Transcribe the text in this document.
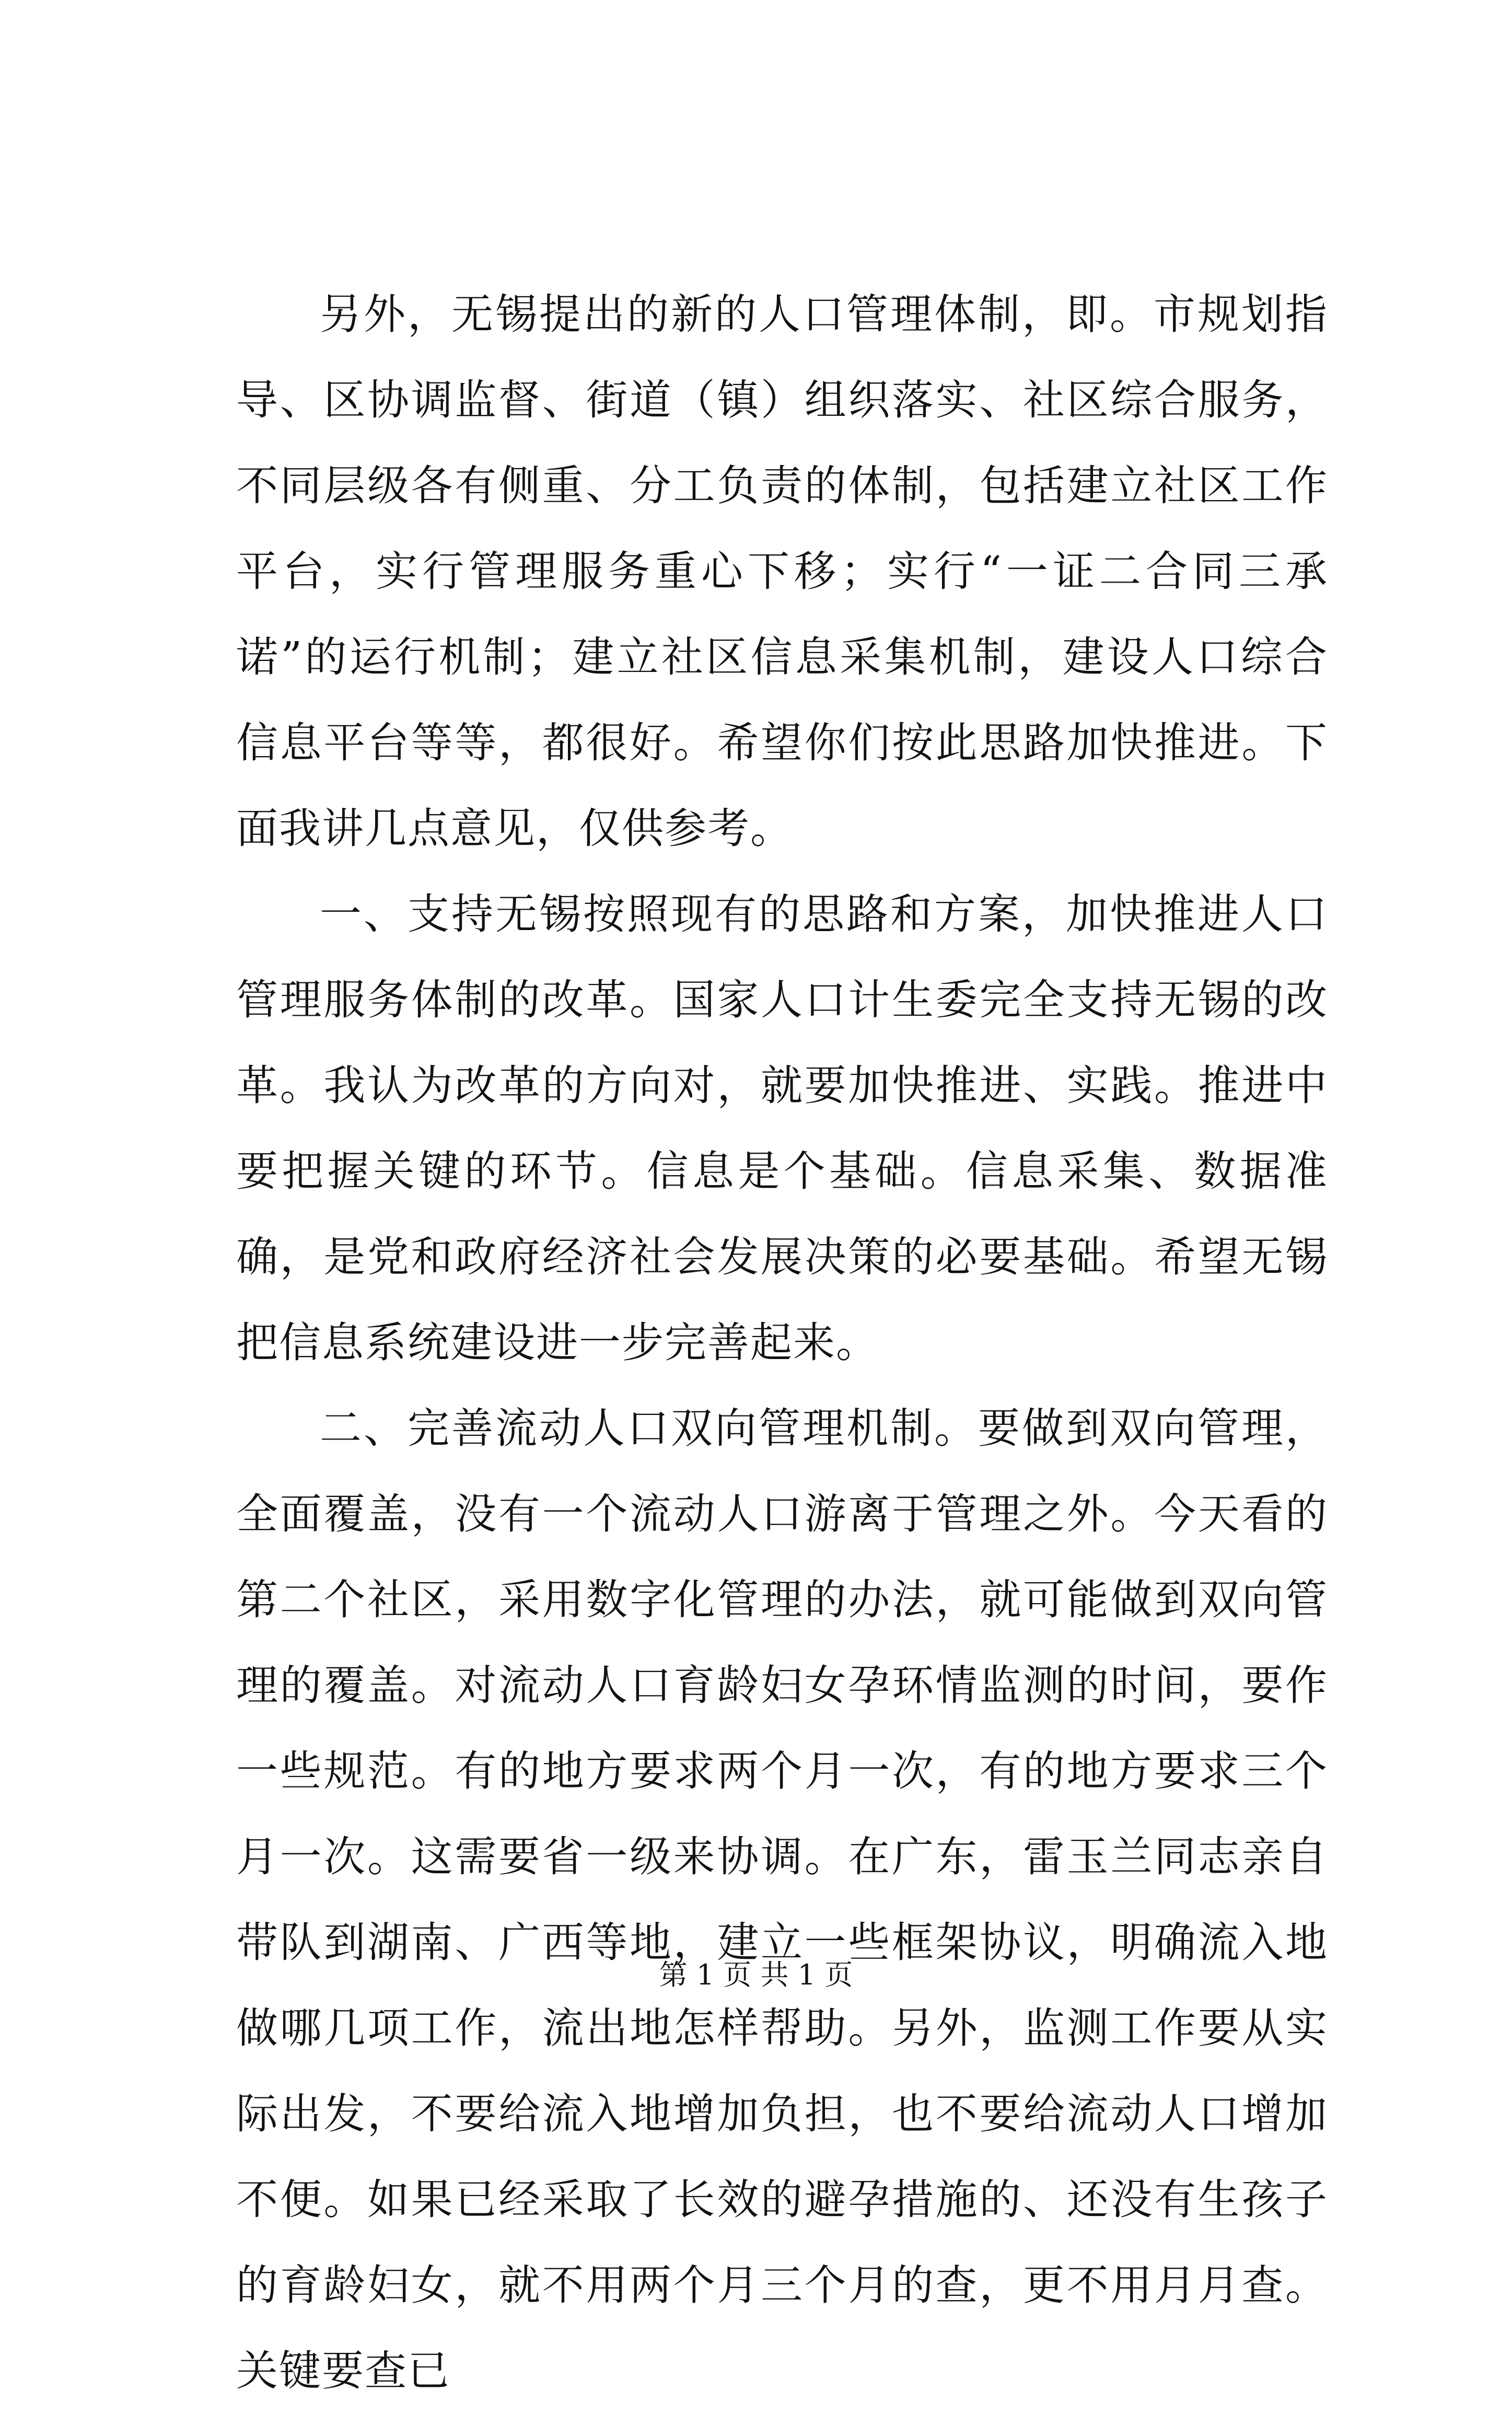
另外，无锡提出的新的人口管理体制，即。市规划指导、区协调监督、街道（镇）组织落实、社区综合服务，不同层级各有侧重、分工负责的体制，包括建立社区工作平台，实行管理服务重心下移；实行“一证二合同三承诺”的运行机制；建立社区信息采集机制，建设人口综合信息平台等等，都很好。希望你们按此思路加快推进。下面我讲几点意见，仅供参考。

一、支持无锡按照现有的思路和方案，加快推进人口管理服务体制的改革。国家人口计生委完全支持无锡的改革。我认为改革的方向对，就要加快推进、实践。推进中要把握关键的环节。信息是个基础。信息采集、数据准确，是党和政府经济社会发展决策的必要基础。希望无锡把信息系统建设进一步完善起来。

二、完善流动人口双向管理机制。要做到双向管理，全面覆盖，没有一个流动人口游离于管理之外。今天看的第二个社区，采用数字化管理的办法，就可能做到双向管理的覆盖。对流动人口育龄妇女孕环情监测的时间，要作一些规范。有的地方要求两个月一次，有的地方要求三个月一次。这需要省一级来协调。在广东，雷玉兰同志亲自带队到湖南、广西等地，建立一些框架协议，明确流入地做哪几项工作，流出地怎样帮助。另外，监测工作要从实际出发，不要给流入地增加负担，也不要给流动人口增加不便。如果已经采取了长效的避孕措施的、还没有生孩子的育龄妇女，就不用两个月三个月的查，更不用月月查。关键要查已

第 1 页 共 1 页
